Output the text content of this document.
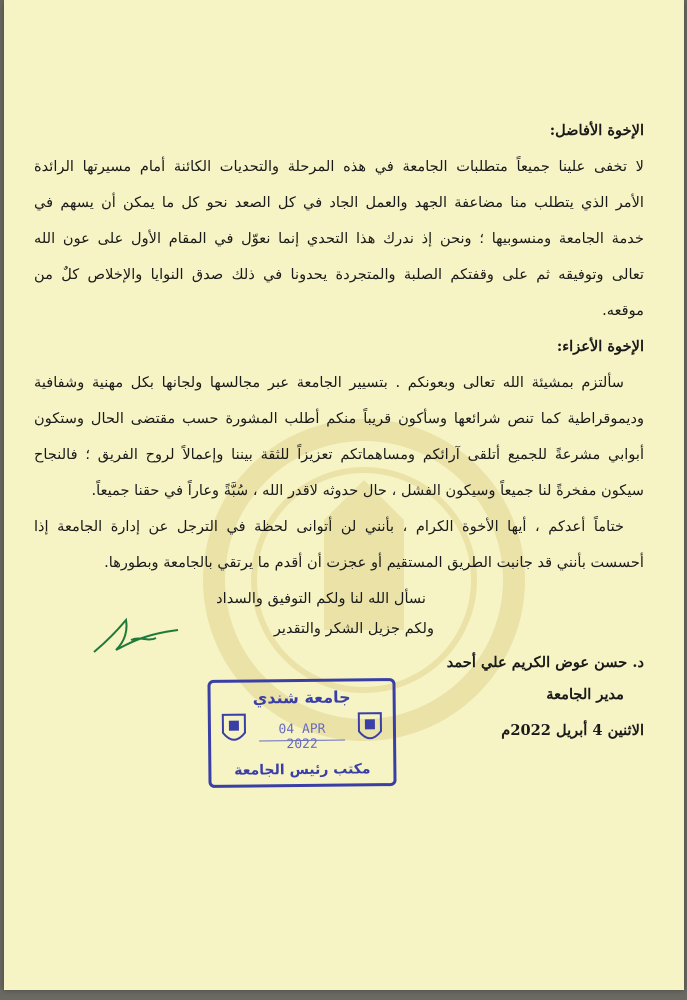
الإخوة الأفاضل:
لا تخفى علينا جميعاً متطلبات الجامعة في هذه المرحلة والتحديات الكائنة أمام مسيرتها الرائدة
الأمر الذي يتطلب منا مضاعفة الجهد والعمل الجاد في كل الصعد نحو كل ما يمكن أن يسهم في
خدمة الجامعة ومنسوبيها ؛ ونحن إذ ندرك هذا التحدي إنما نعوّل في المقام الأول على عون الله
تعالى وتوفيقه ثم على وقفتكم الصلبة والمتجردة يحدونا في ذلك صدق النوايا والإخلاص كلٌ من
موقعه.
الإخوة الأعزاء:
سألتزم بمشيئة الله تعالى وبعونكم . بتسيير الجامعة عبر مجالسها ولجانها بكل مهنية وشفافية
وديموقراطية كما تنص شرائعها وسأكون قريباً منكم أطلب المشورة حسب مقتضى الحال وستكون
أبوابي مشرعةً للجميع أتلقى آرائكم ومساهماتكم تعزيزاً للثقة بيننا وإعمالاً لروح الفريق ؛ فالنجاح
سيكون مفخرةً لنا جميعاً وسيكون الفشل ، حال حدوثه لاقدر الله ، سُبَّةً وعاراً في حقنا جميعاً.
ختاماً أعدكم ، أيها الأخوة الكرام ، بأنني لن أتوانى لحظة في الترجل عن إدارة الجامعة إذا
أحسست بأنني قد جانبت الطريق المستقيم أو عجزت أن أقدم ما يرتقي بالجامعة وبطورها.
نسأل الله لنا ولكم التوفيق والسداد
ولكم جزيل الشكر والتقدير
د. حسن عوض الكريم علي أحمد
مدير الجامعة
الاثنين 4 أبريل 2022م
جامعة شندي
04 APR 2022
مكتب رئيس الجامعة
